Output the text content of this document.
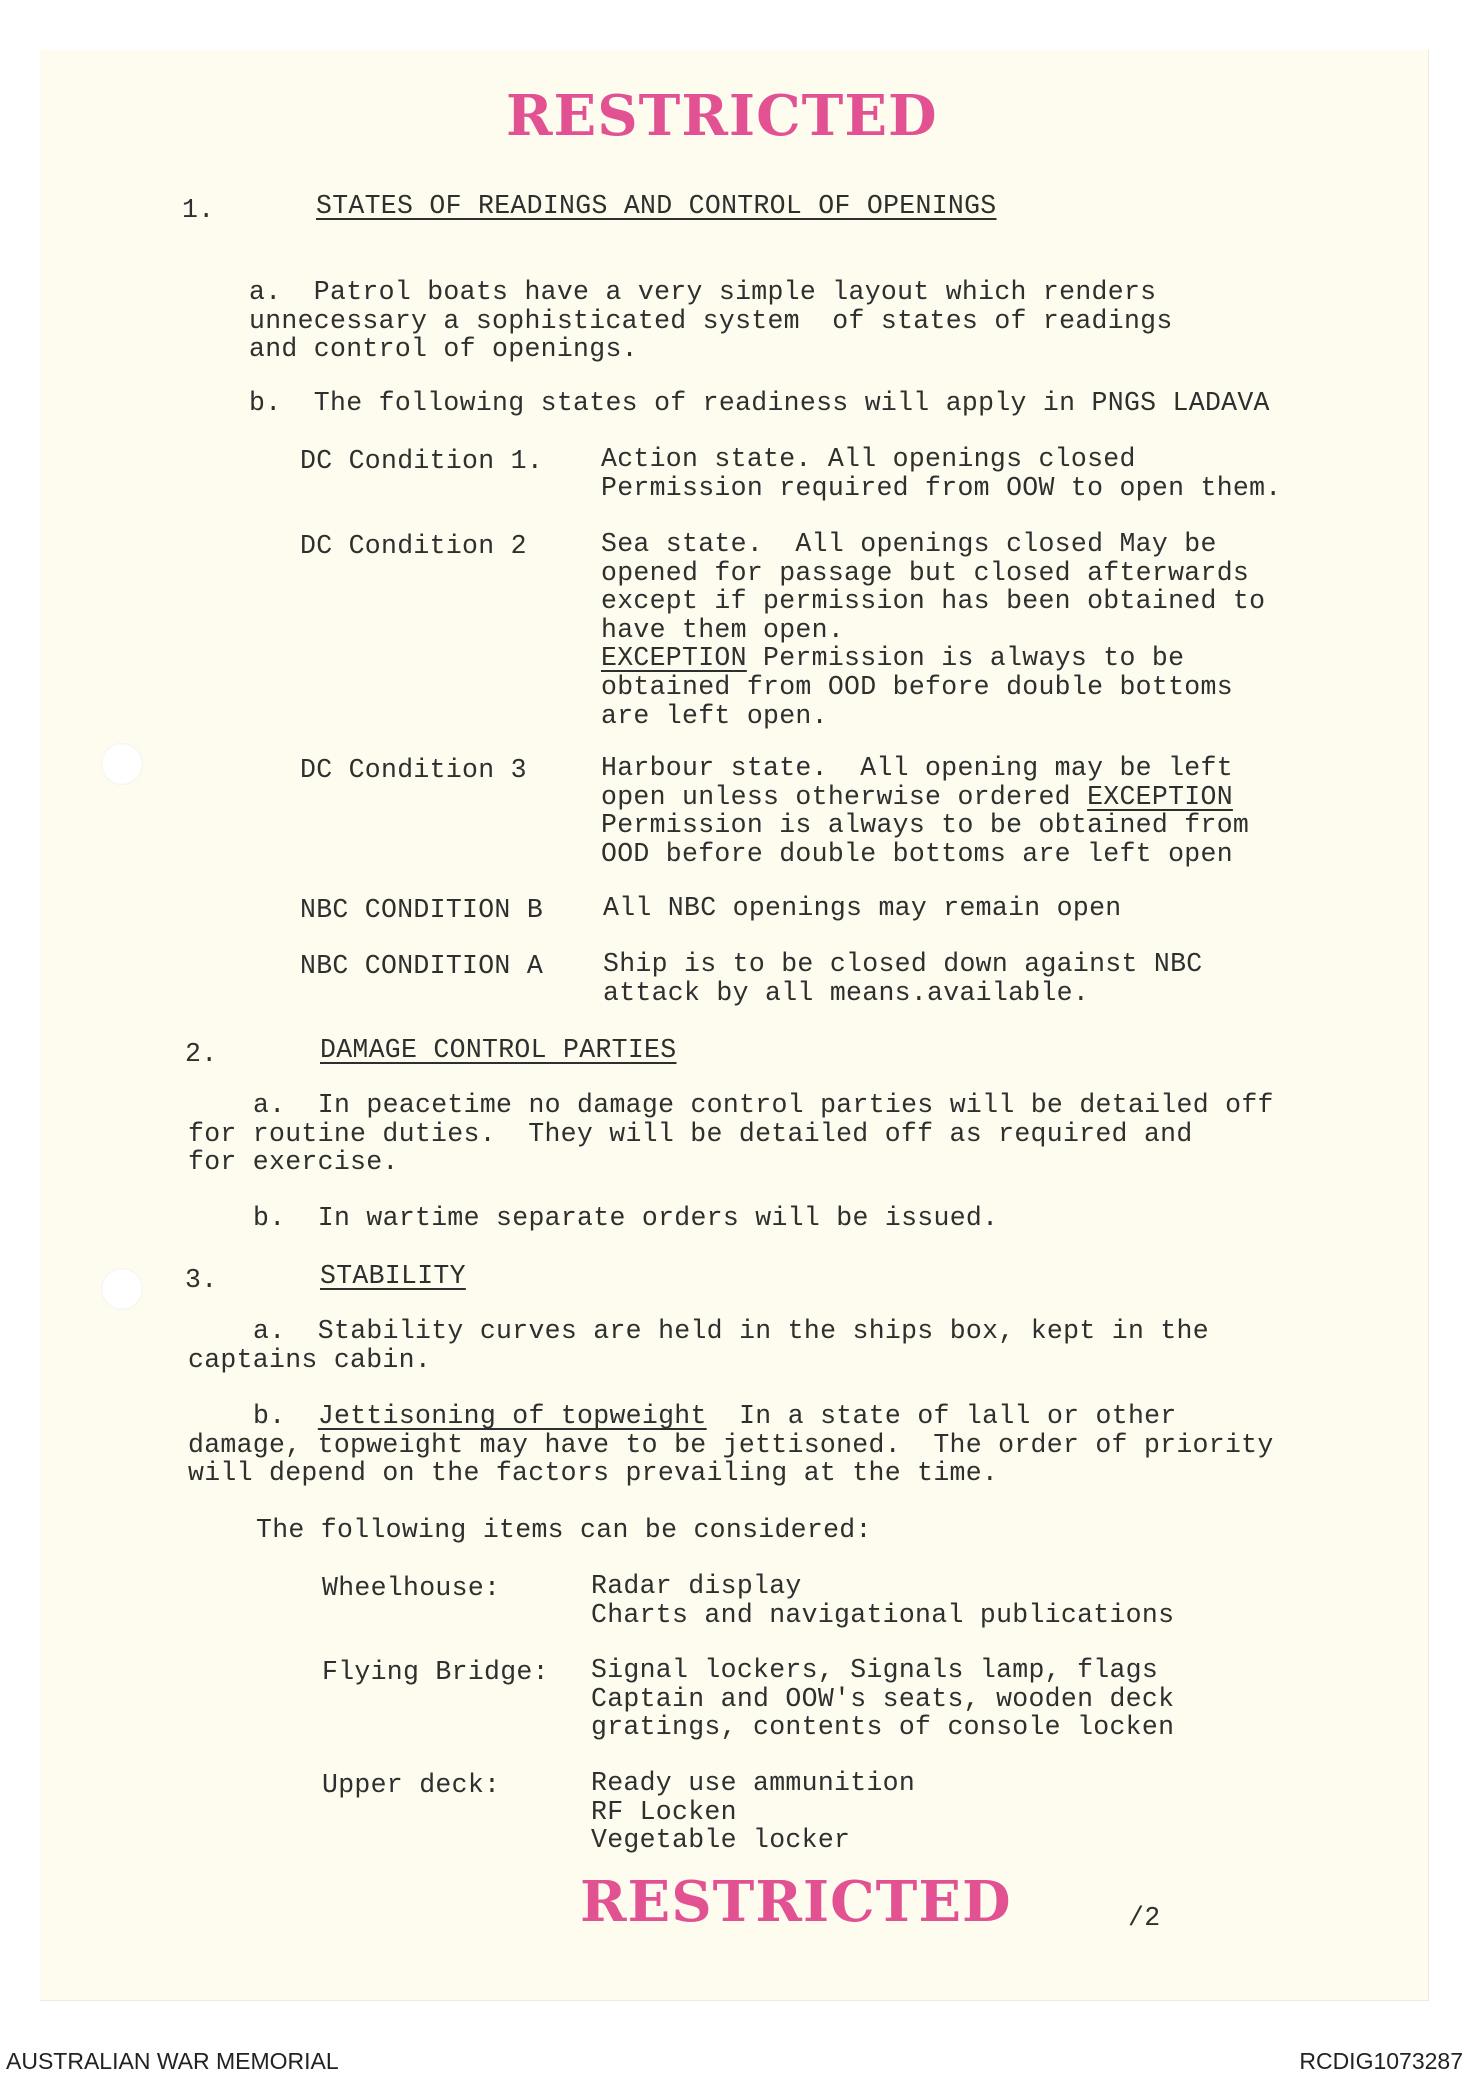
RESTRICTED
1.	STATES OF READINGS AND CONTROL OF OPENINGS
a.  Patrol boats have a very simple layout which renders
unnecessary a sophisticated system  of states of readings
and control of openings.
b.  The following states of readiness will apply in PNGS LADAVA
DC Condition 1. Action state. All openings closed
Permission required from OOW to open them.
DC Condition 2	Sea state.  All openings closed May be
opened for passage but closed afterwards
except if permission has been obtained to
have them open.
EXCEPTION Permission is always to be
obtained from OOD before double bottoms
are left open.
DC Condition 3	Harbour state.  All opening may be left
open unless otherwise ordered EXCEPTION
Permission is always to be obtained from
OOD before double bottoms are left open
NBC CONDITION B All NBC openings may remain open
NBC CONDITION A Ship is to be closed down against NBC
attack by all means.available.
2.	DAMAGE CONTROL PARTIES
a.  In peacetime no damage control parties will be detailed off
for routine duties.  They will be detailed off as required and
for exercise.
b.  In wartime separate orders will be issued.
3.	STABILITY
a.  Stability curves are held in the ships box, kept in the
captains cabin.
b.  Jettisoning of topweight  In a state of lall or other
damage, topweight may have to be jettisoned.  The order of priority
will depend on the factors prevailing at the time.
The following items can be considered:
Wheelhouse:	Radar display
Charts and navigational publications
Flying Bridge: Signal lockers, Signals lamp, flags
Captain and OOW's seats, wooden deck
gratings, contents of console locken
Upper deck:	Ready use ammunition
RF Locken
Vegetable locker
RESTRICTED	/2
AUSTRALIAN WAR MEMORIAL	RCDIG1073287
